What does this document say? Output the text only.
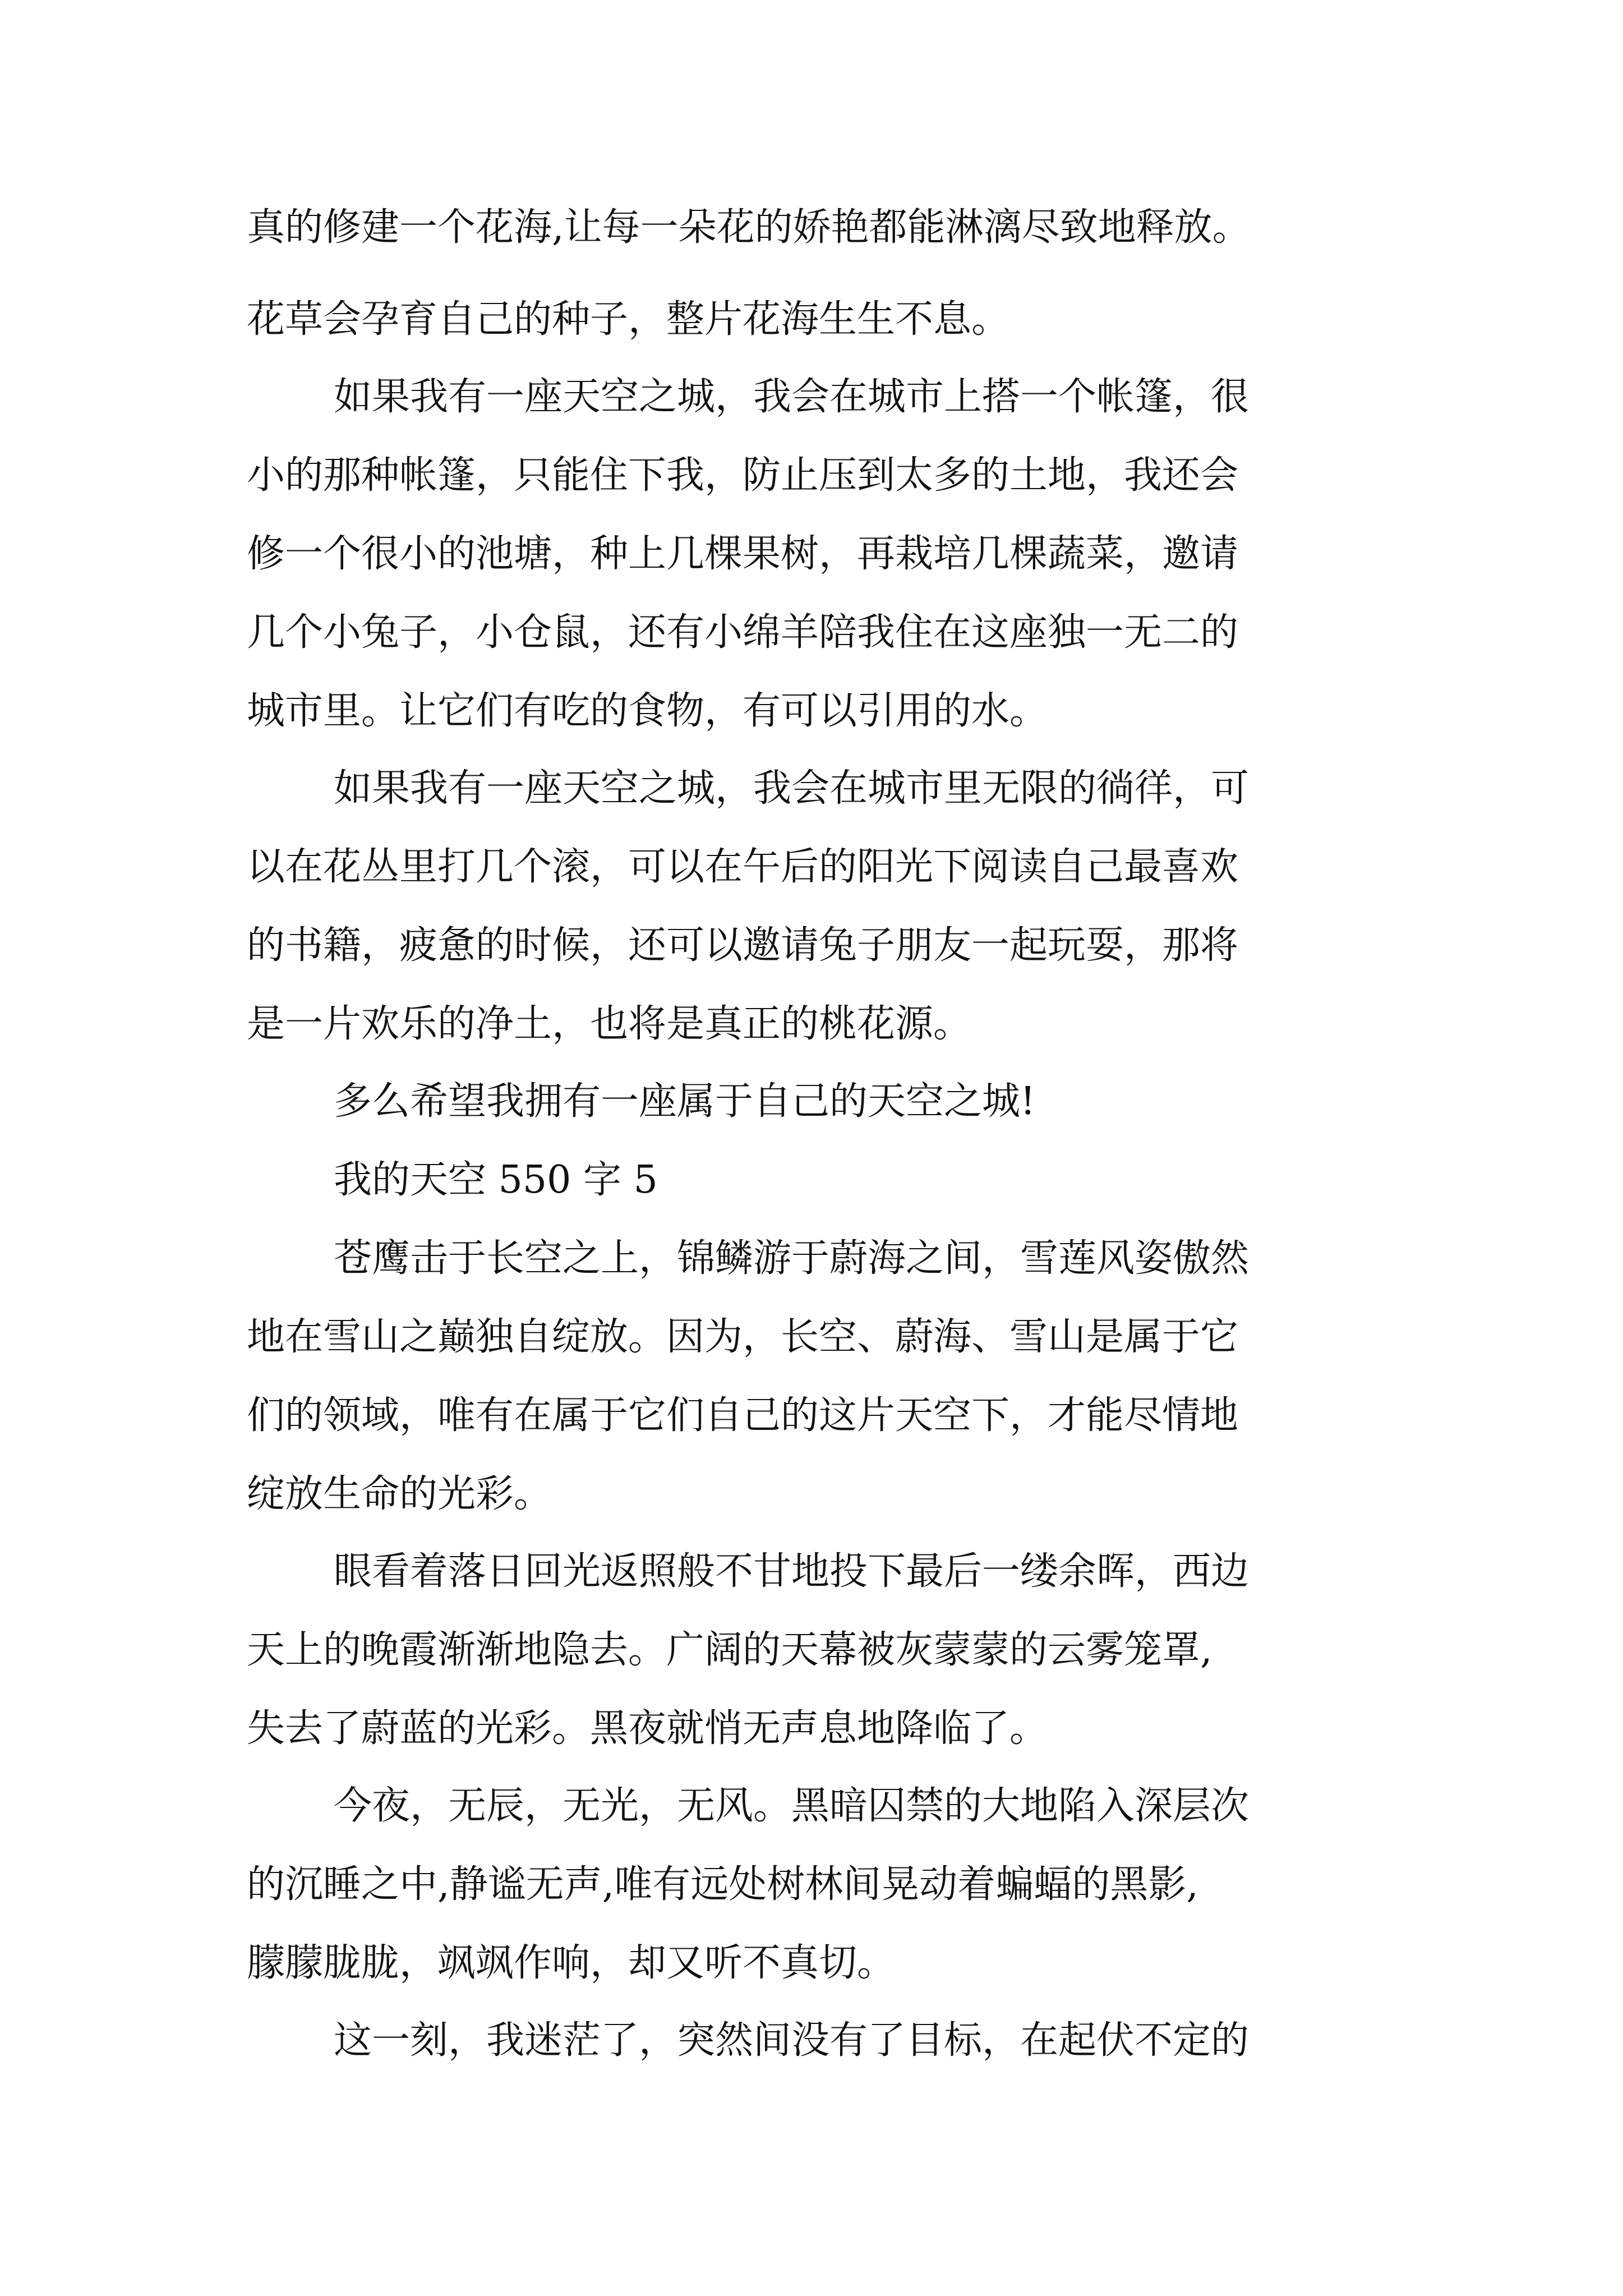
真的修建一个花海,让每一朵花的娇艳都能淋漓尽致地释放。

花草会孕育自己的种子，整片花海生生不息。

如果我有一座天空之城，我会在城市上搭一个帐篷，很

小的那种帐篷，只能住下我，防止压到太多的土地，我还会

修一个很小的池塘，种上几棵果树，再栽培几棵蔬菜，邀请

几个小兔子，小仓鼠，还有小绵羊陪我住在这座独一无二的

城市里。让它们有吃的食物，有可以引用的水。

如果我有一座天空之城，我会在城市里无限的徜徉，可

以在花丛里打几个滚，可以在午后的阳光下阅读自己最喜欢

的书籍，疲惫的时候，还可以邀请兔子朋友一起玩耍，那将

是一片欢乐的净土，也将是真正的桃花源。

多么希望我拥有一座属于自己的天空之城!

我的天空 550 字 5

苍鹰击于长空之上，锦鳞游于蔚海之间，雪莲风姿傲然

地在雪山之巅独自绽放。因为，长空、蔚海、雪山是属于它

们的领域，唯有在属于它们自己的这片天空下，才能尽情地

绽放生命的光彩。

眼看着落日回光返照般不甘地投下最后一缕余晖，西边

天上的晚霞渐渐地隐去。广阔的天幕被灰蒙蒙的云雾笼罩,

失去了蔚蓝的光彩。黑夜就悄无声息地降临了。

今夜，无辰，无光，无风。黑暗囚禁的大地陷入深层次

的沉睡之中,静谧无声,唯有远处树林间晃动着蝙蝠的黑影,

朦朦胧胧，飒飒作响，却又听不真切。

这一刻，我迷茫了，突然间没有了目标，在起伏不定的
